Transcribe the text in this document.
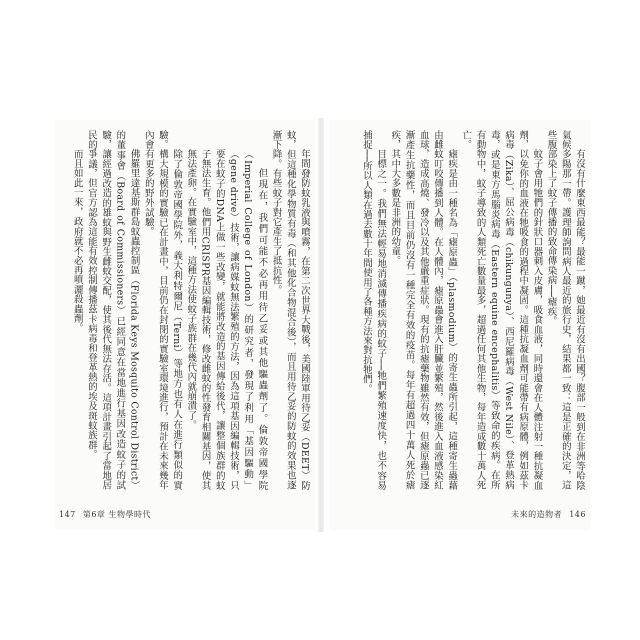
年間發防蚊乳液與噴霧，在第二次世界大戰後，美國陸軍用待乙妥（DEET）防蚊，但這種化學物質有毒（和其他化合物混合後），而且用待乙妥的防蚊的效果也逐漸下降。有些蚊子對它產生了抵抗性。

但現在，我們可能不必再用待乙妥或其他驅蟲劑了。倫敦帝國學院（Imperial College of London）的研究者，發現了利用「基因驅動」（gene drive）技術，讓病媒蚊無法繁殖的方法，因為這項基因編輯技術，只要在蚊子的DNA上做一些改變，就能將改造的基因傳給後代，讓整個族群的蚊子無法生育。他們用CRISPR基因編輯技術，修改雌蚊的性發育相關基因，使其無法產卵。在實驗室中，這種方法使蚊子族群在幾代內就崩潰了。

除了倫敦帝國學院外，義大利特爾尼（Terni）等地方也有人在進行類似的實驗。構大規模的實驗已在計畫中，目前仍在封閉的實驗室環境進行，預計在未來幾年內會有更多的野外試驗。

佛羅里達基斯群島蚊蟲控制區（Florida Keys Mosquito Control District）的董事會（Board of Commissioners）已經同意在當地進行基因改造蚊子的試驗，讓經過改造的雄蚊與野生雌蚊交配，使其後代無法存活。這項計畫引起了當地居民的爭議，但官方認為這能有效控制傳播茲卡病毒和登革熱的埃及斑蚊族群。

而且如此一來，政府就不必再噴灑殺蟲劑。

147 第6章 生物學時代

有沒有什麼東西最能？最能一蹴，她最近有沒有出國？腹部一般到在非洲等哈陰氣候多陽那一帶。護理師詢問病人最近的旅行史，結果都一致：這是正確的決定，這些腹部染上了蚊子傳播的致命傳染病──瘧疾。

蚊子會用牠們的針狀口器刺入皮膚，吸食血液，同時還會在人體注射一種抗凝血劑，以免你的血液在牠吸食的過程中凝固。這種抗凝血劑可能帶有病原體，例如茲卡病毒（Zika）、屈公病毒（chikungunya）、西尼羅病毒（West Nile）、登革熱病毒，或是東方馬腦炎病毒（Eastern equine encephalitis）等致命的疾病。在所有動物中，蚊子導致的人類死亡數量最多，超過任何其他生物，每年造成數十萬人死亡。

瘧疾是由一種名為「瘧原蟲」（plasmodium）的寄生蟲所引起，這種寄生蟲藉由雌蚊叮咬傳播到人體。在人體內，瘧原蟲會進入肝臟並繁殖，然後進入血液感染紅血球，造成高燒、發冷以及其他嚴重症狀。現有的抗瘧藥物雖然有效，但瘧原蟲已逐漸產生抗藥性，而且目前仍沒有一種完全有效的疫苗。每年有超過四十萬人死於瘧疾，其中大多數是非洲的幼童。

目標之一。我們無法輕易地消滅傳播疾病的蚊子──牠們繁殖速度快，也不容易捕捉──所以人類在過去數十年間使用了各種方法來對抗牠們。

未來的造物者 146
